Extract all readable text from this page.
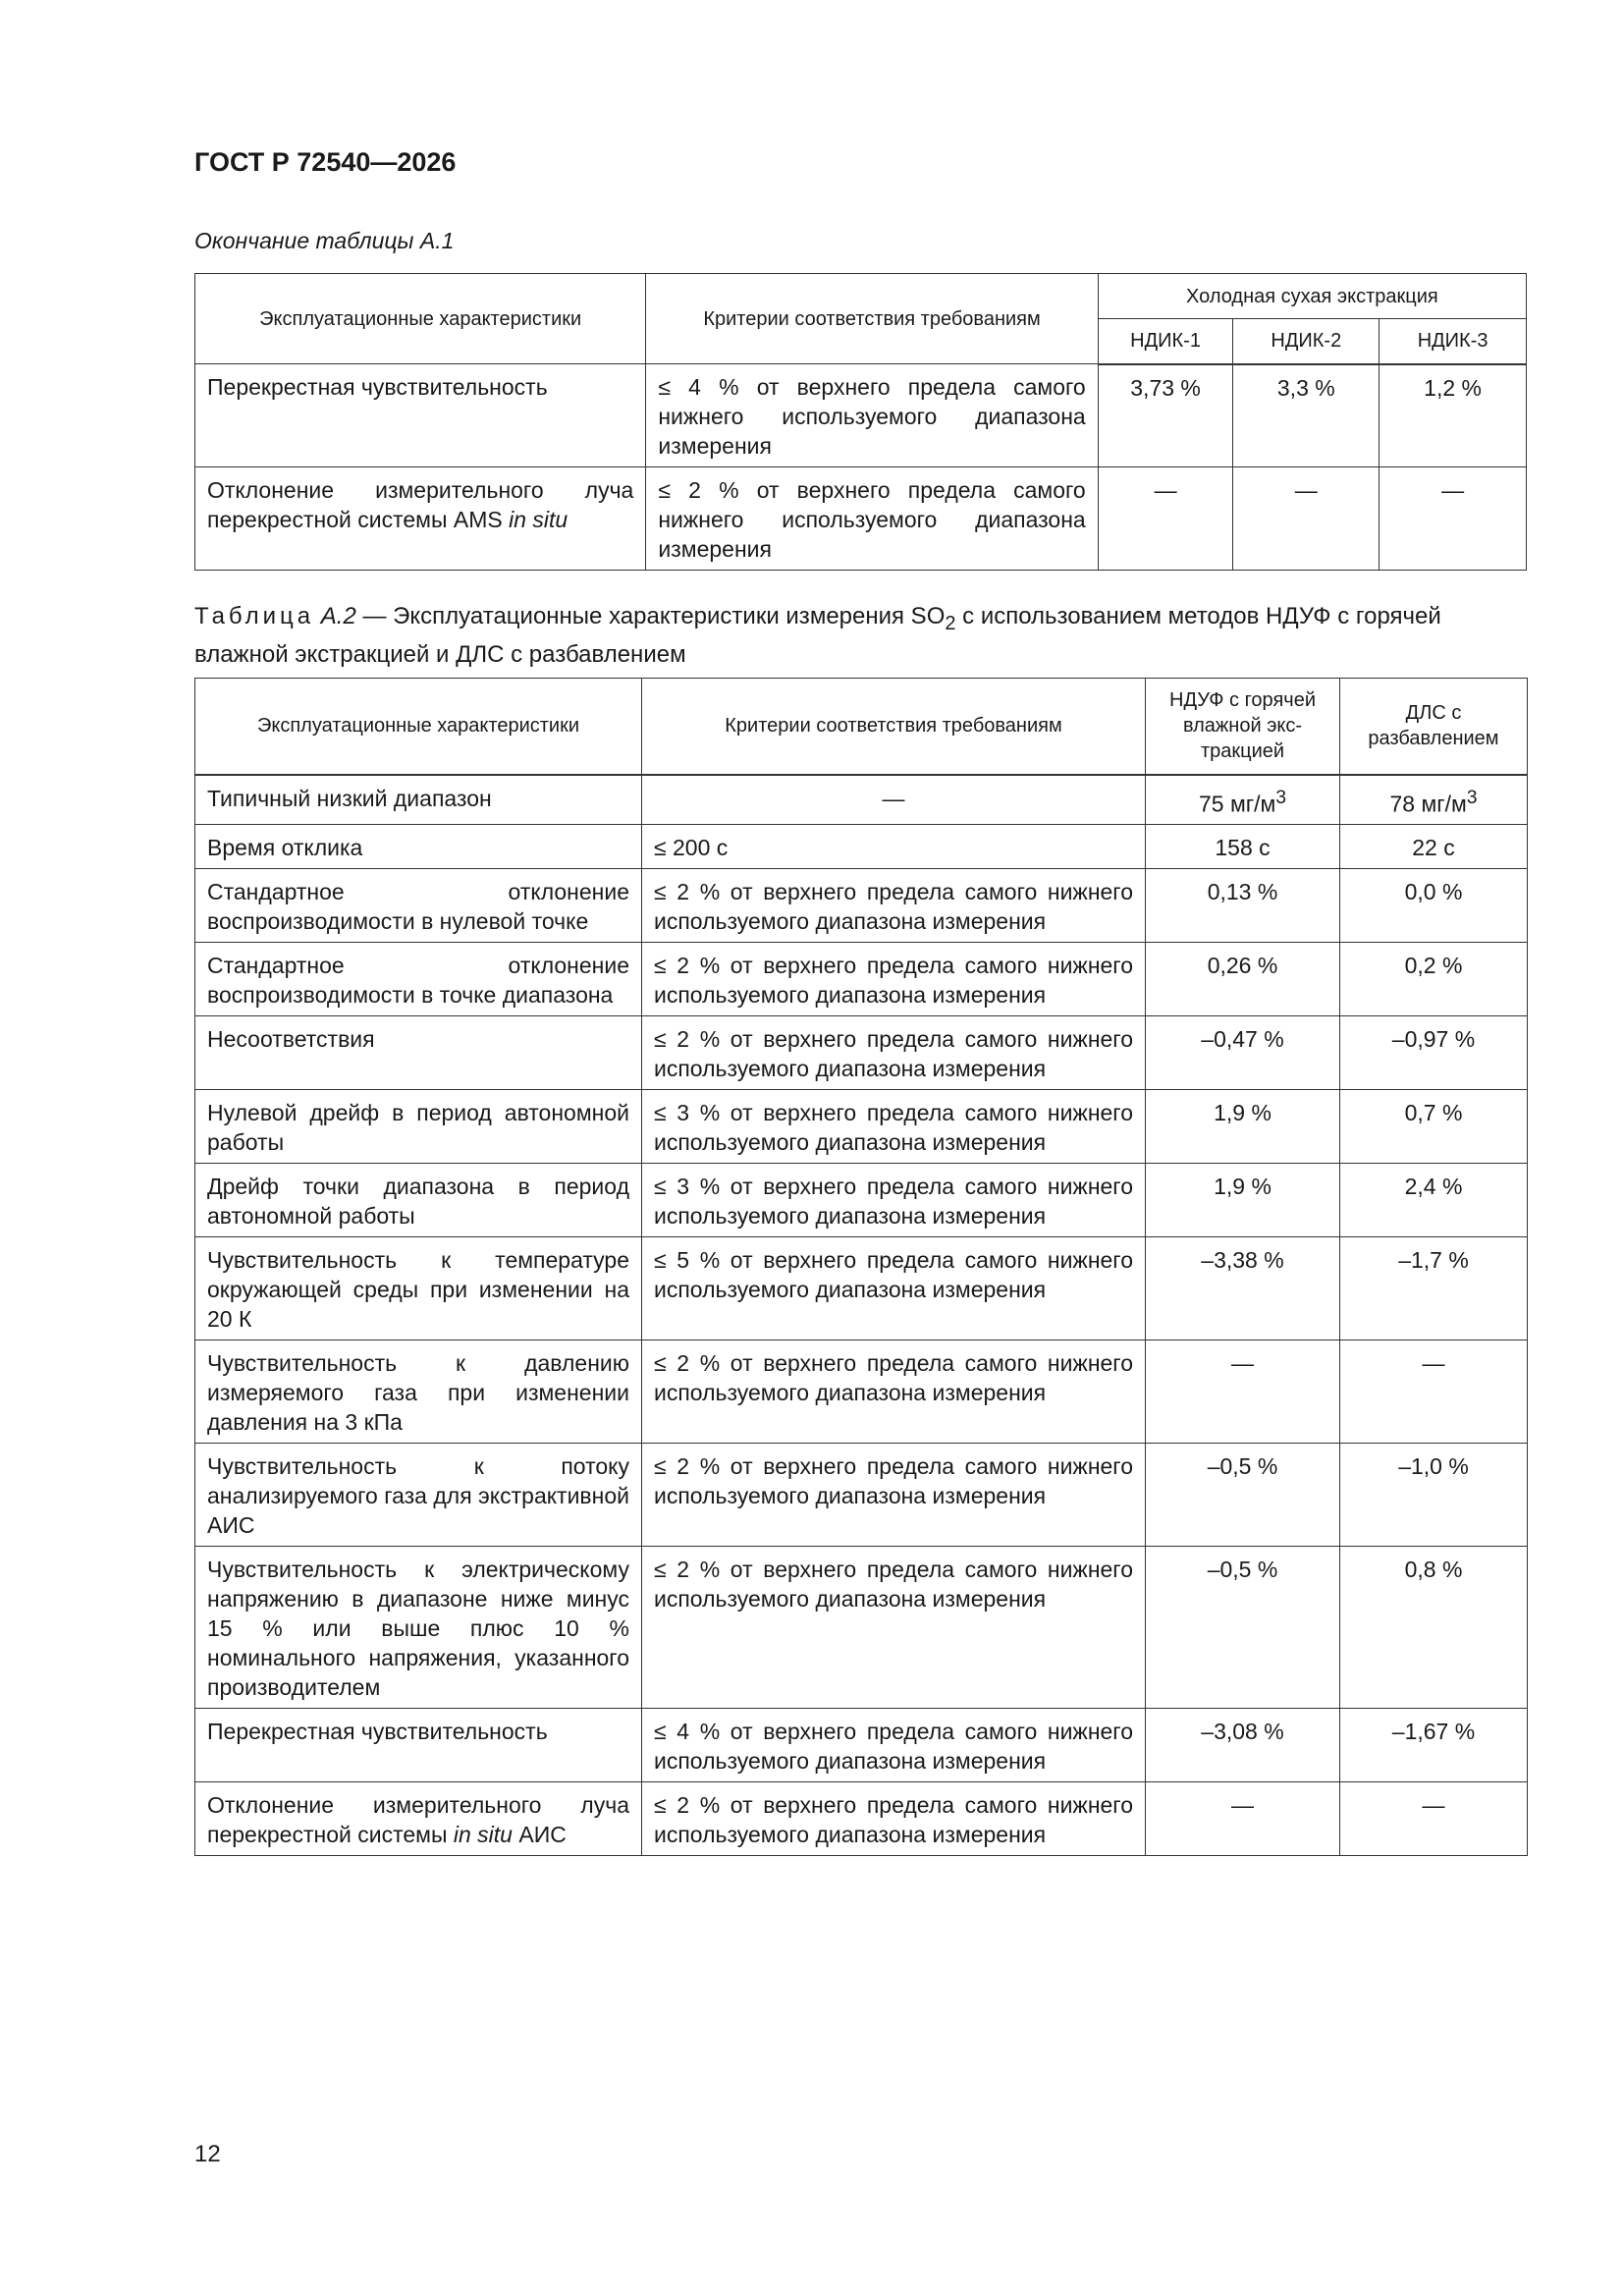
ГОСТ Р 72540—2026
Окончание таблицы А.1
Эксплуатационные характеристики	Критерии соответствия требованиям	Холодная сухая экстракция		
		НДИК-1	НДИК-2	НДИК-3
Перекрестная чувствительность	≤ 4 % от верхнего предела самого нижнего используемого диапазона измерения	3,73 %	3,3 %	1,2 %
Отклонение измерительного луча перекрестной системы AMS in situ	≤ 2 % от верхнего предела самого нижнего используемого диапазона измерения	—	—	—
Таблица А.2 — Эксплуатационные характеристики измерения $SO_2$ с использованием методов НДУФ с горячей влажной экстракцией и ДЛС с разбавлением
Эксплуатационные характеристики	Критерии соответствия требованиям	НДУФ с горячей влажной экс-тракцией	ДЛС с разбавлением
Типичный низкий диапазон	—	75 $мг/м^3$	78 $мг/м^3$
Время отклика	≤ 200 с	158 с	22 с
Стандартное отклонение воспроизводимости в нулевой точке	≤ 2 % от верхнего предела самого нижнего используемого диапазона измерения	0,13 %	0,0 %
Стандартное отклонение воспроизводимости в точке диапазона	≤ 2 % от верхнего предела самого нижнего используемого диапазона измерения	0,26 %	0,2 %
Несоответствия	≤ 2 % от верхнего предела самого нижнего используемого диапазона измерения	–0,47 %	–0,97 %
Нулевой дрейф в период автономной работы	≤ 3 % от верхнего предела самого нижнего используемого диапазона измерения	1,9 %	0,7 %
Дрейф точки диапазона в период автономной работы	≤ 3 % от верхнего предела самого нижнего используемого диапазона измерения	1,9 %	2,4 %
Чувствительность к температуре окружающей среды при изменении на 20 К	≤ 5 % от верхнего предела самого нижнего используемого диапазона измерения	–3,38 %	–1,7 %
Чувствительность к давлению измеряемого газа при изменении давления на 3 кПа	≤ 2 % от верхнего предела самого нижнего используемого диапазона измерения	—	—
Чувствительность к потоку анализируемого газа для экстрактивной АИС	≤ 2 % от верхнего предела самого нижнего используемого диапазона измерения	–0,5 %	–1,0 %
Чувствительность к электрическому напряжению в диапазоне ниже минус 15 % или выше плюс 10 % номинального напряжения, указанного производителем	≤ 2 % от верхнего предела самого нижнего используемого диапазона измерения	–0,5 %	0,8 %
Перекрестная чувствительность	≤ 4 % от верхнего предела самого нижнего используемого диапазона измерения	–3,08 %	–1,67 %
Отклонение измерительного луча перекрестной системы in situ АИС	≤ 2 % от верхнего предела самого нижнего используемого диапазона измерения	—	—
12
